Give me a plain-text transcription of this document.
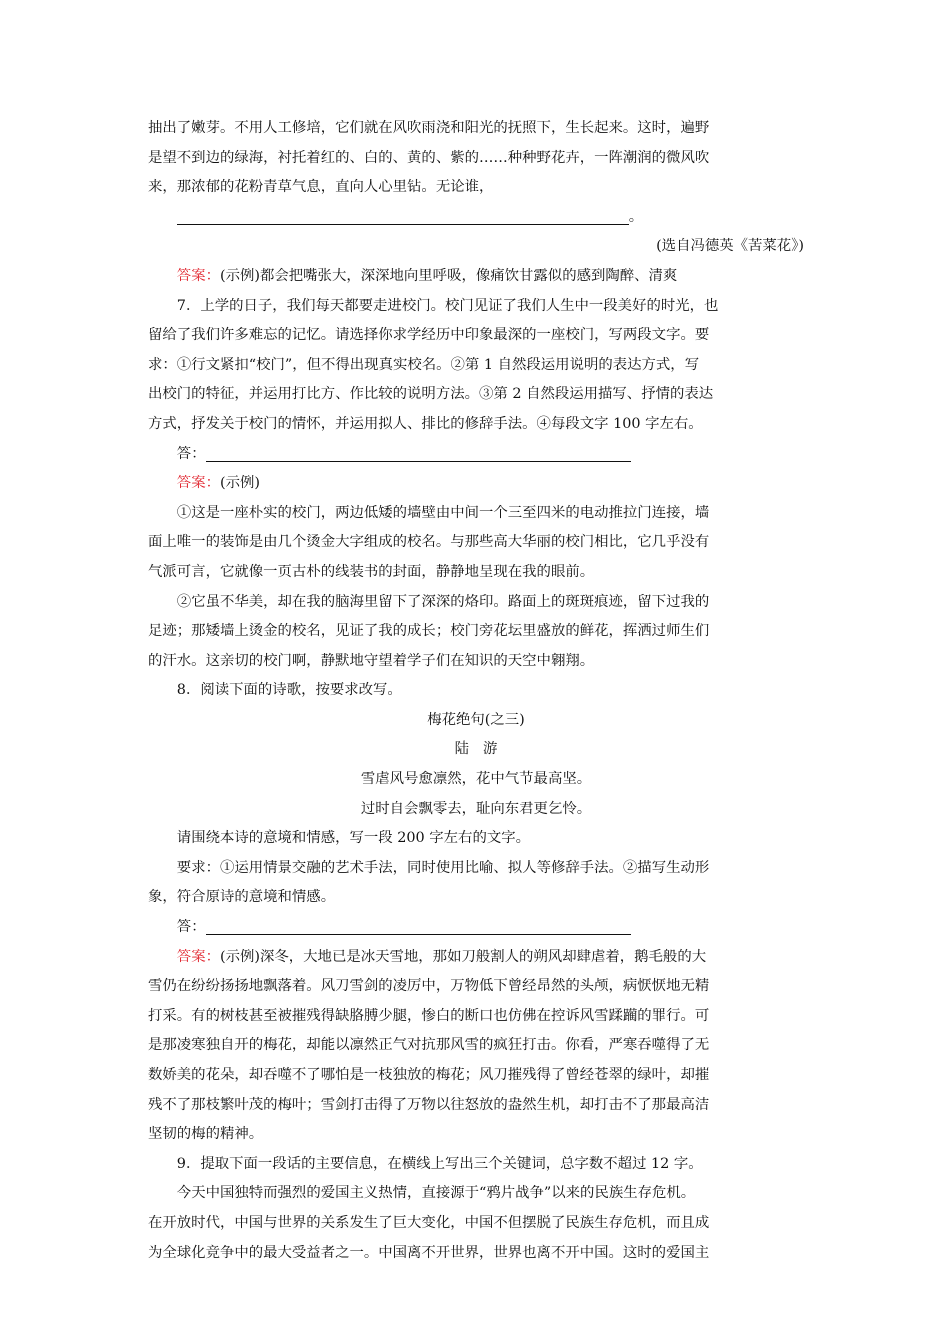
抽出了嫩芽。不用人工修培，它们就在风吹雨浇和阳光的抚照下，生长起来。这时，遍野

是望不到边的绿海，衬托着红的、白的、黄的、紫的……种种野花卉，一阵潮润的微风吹

来，那浓郁的花粉青草气息，直向人心里钻。无论谁，

。

(选自冯德英《苦菜花》)

答案：(示例)都会把嘴张大，深深地向里呼吸，像痛饮甘露似的感到陶醉、清爽

7．上学的日子，我们每天都要走进校门。校门见证了我们人生中一段美好的时光，也

留给了我们许多难忘的记忆。请选择你求学经历中印象最深的一座校门，写两段文字。要

求：①行文紧扣“校门”，但不得出现真实校名。②第 1 自然段运用说明的表达方式，写

出校门的特征，并运用打比方、作比较的说明方法。③第 2 自然段运用描写、抒情的表达

方式，抒发关于校门的情怀，并运用拟人、排比的修辞手法。④每段文字 100 字左右。

答：

答案：(示例)

①这是一座朴实的校门，两边低矮的墙壁由中间一个三至四米的电动推拉门连接，墙

面上唯一的装饰是由几个烫金大字组成的校名。与那些高大华丽的校门相比，它几乎没有

气派可言，它就像一页古朴的线装书的封面，静静地呈现在我的眼前。

②它虽不华美，却在我的脑海里留下了深深的烙印。路面上的斑斑痕迹，留下过我的

足迹；那矮墙上烫金的校名，见证了我的成长；校门旁花坛里盛放的鲜花，挥洒过师生们

的汗水。这亲切的校门啊，静默地守望着学子们在知识的天空中翱翔。

8．阅读下面的诗歌，按要求改写。

梅花绝句(之三)

陆 游

雪虐风号愈凛然，花中气节最高坚。

过时自会飘零去，耻向东君更乞怜。

请围绕本诗的意境和情感，写一段 200 字左右的文字。

要求：①运用情景交融的艺术手法，同时使用比喻、拟人等修辞手法。②描写生动形

象，符合原诗的意境和情感。

答：

答案：(示例)深冬，大地已是冰天雪地，那如刀般割人的朔风却肆虐着，鹅毛般的大

雪仍在纷纷扬扬地飘落着。风刀雪剑的凌厉中，万物低下曾经昂然的头颅，病恹恹地无精

打采。有的树枝甚至被摧残得缺胳膊少腿，惨白的断口也仿佛在控诉风雪蹂躏的罪行。可

是那凌寒独自开的梅花，却能以凛然正气对抗那风雪的疯狂打击。你看，严寒吞噬得了无

数娇美的花朵，却吞噬不了哪怕是一枝独放的梅花；风刀摧残得了曾经苍翠的绿叶，却摧

残不了那枝繁叶茂的梅叶；雪剑打击得了万物以往怒放的盎然生机，却打击不了那最高洁

坚韧的梅的精神。

9．提取下面一段话的主要信息，在横线上写出三个关键词，总字数不超过 12 字。

今天中国独特而强烈的爱国主义热情，直接源于“鸦片战争”以来的民族生存危机。

在开放时代，中国与世界的关系发生了巨大变化，中国不但摆脱了民族生存危机，而且成

为全球化竞争中的最大受益者之一。中国离不开世界，世界也离不开中国。这时的爱国主
